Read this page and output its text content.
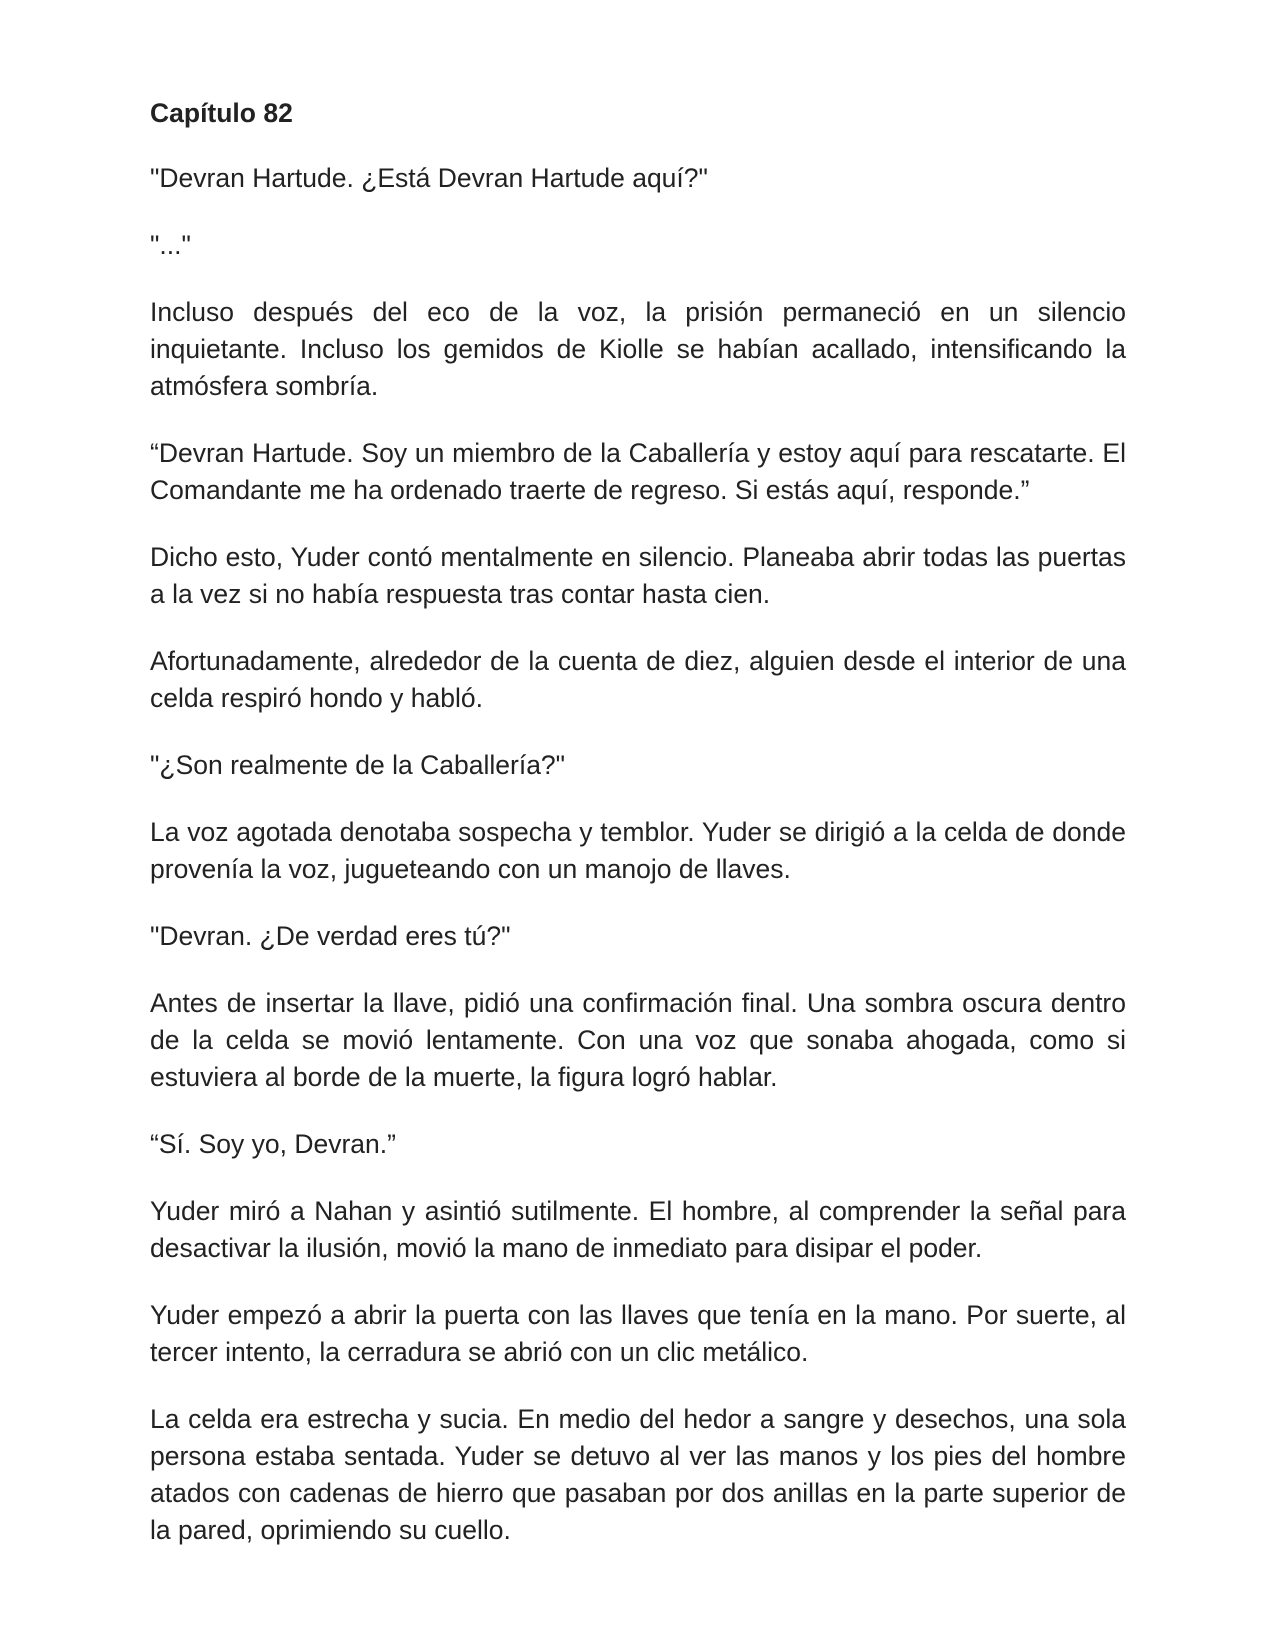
Capítulo 82

"Devran Hartude. ¿Está Devran Hartude aquí?"

"..."

Incluso después del eco de la voz, la prisión permaneció en un silencio inquietante. Incluso los gemidos de Kiolle se habían acallado, intensificando la atmósfera sombría.

“Devran Hartude. Soy un miembro de la Caballería y estoy aquí para rescatarte. El Comandante me ha ordenado traerte de regreso. Si estás aquí, responde.”

Dicho esto, Yuder contó mentalmente en silencio. Planeaba abrir todas las puertas a la vez si no había respuesta tras contar hasta cien.

Afortunadamente, alrededor de la cuenta de diez, alguien desde el interior de una celda respiró hondo y habló.

"¿Son realmente de la Caballería?"

La voz agotada denotaba sospecha y temblor. Yuder se dirigió a la celda de donde provenía la voz, jugueteando con un manojo de llaves.

"Devran. ¿De verdad eres tú?"

Antes de insertar la llave, pidió una confirmación final. Una sombra oscura dentro de la celda se movió lentamente. Con una voz que sonaba ahogada, como si estuviera al borde de la muerte, la figura logró hablar.

“Sí. Soy yo, Devran.”

Yuder miró a Nahan y asintió sutilmente. El hombre, al comprender la señal para desactivar la ilusión, movió la mano de inmediato para disipar el poder.

Yuder empezó a abrir la puerta con las llaves que tenía en la mano. Por suerte, al tercer intento, la cerradura se abrió con un clic metálico.

La celda era estrecha y sucia. En medio del hedor a sangre y desechos, una sola persona estaba sentada. Yuder se detuvo al ver las manos y los pies del hombre atados con cadenas de hierro que pasaban por dos anillas en la parte superior de la pared, oprimiendo su cuello.
